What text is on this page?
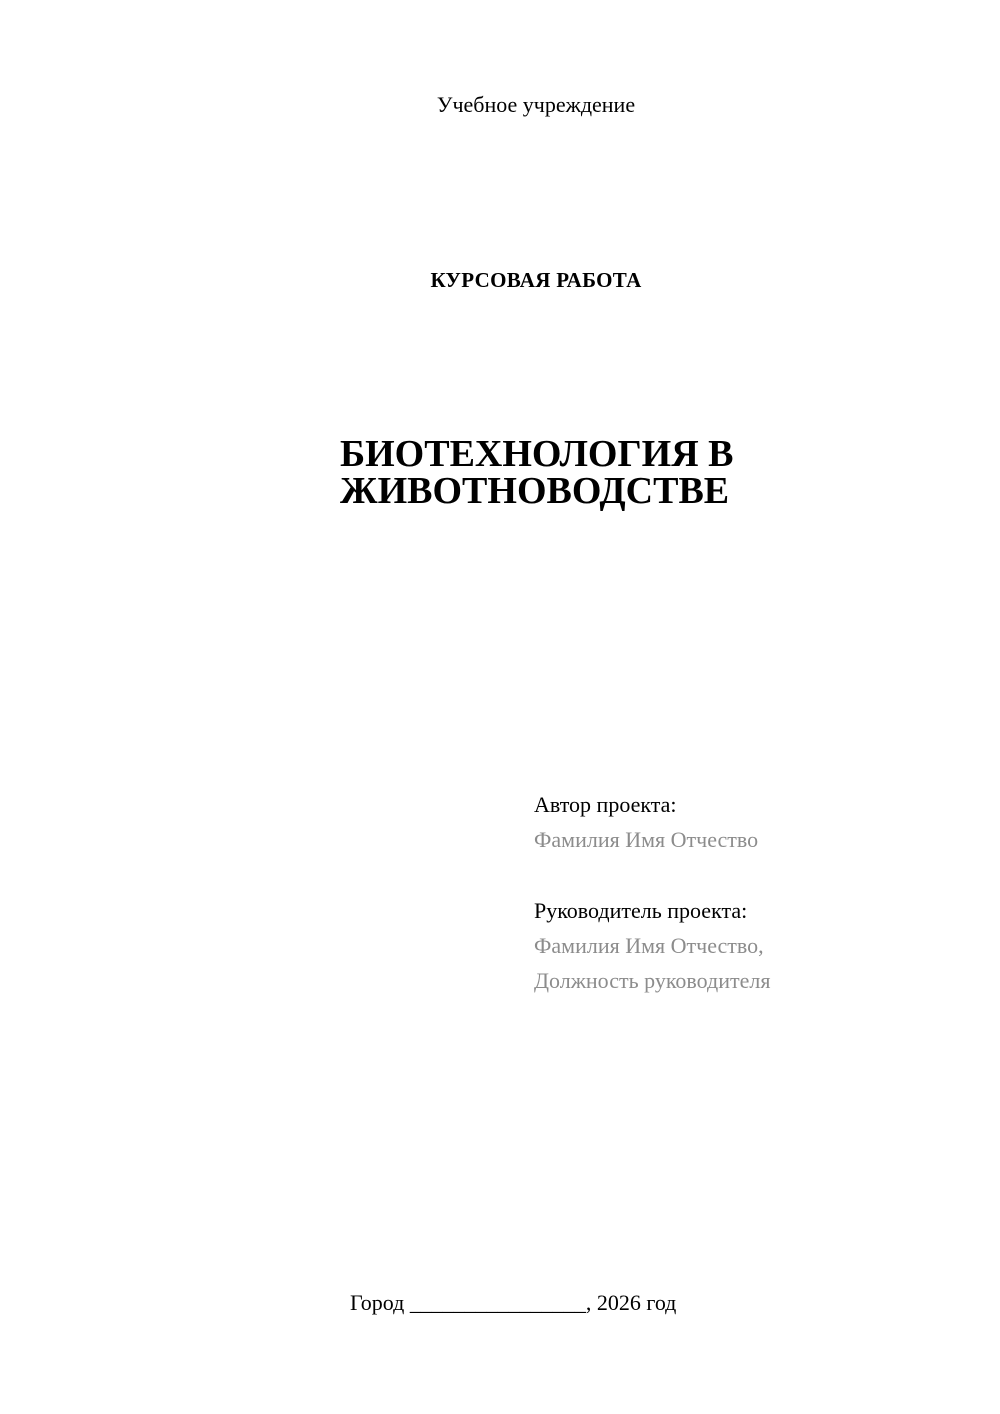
Учебное учреждение
КУРСОВАЯ РАБОТА
БИОТЕХНОЛОГИЯ В
ЖИВОТНОВОДСТВЕ
Автор проекта:
Фамилия Имя Отчество
Руководитель проекта:
Фамилия Имя Отчество,
Должность руководителя
Город ________________, 2026 год
